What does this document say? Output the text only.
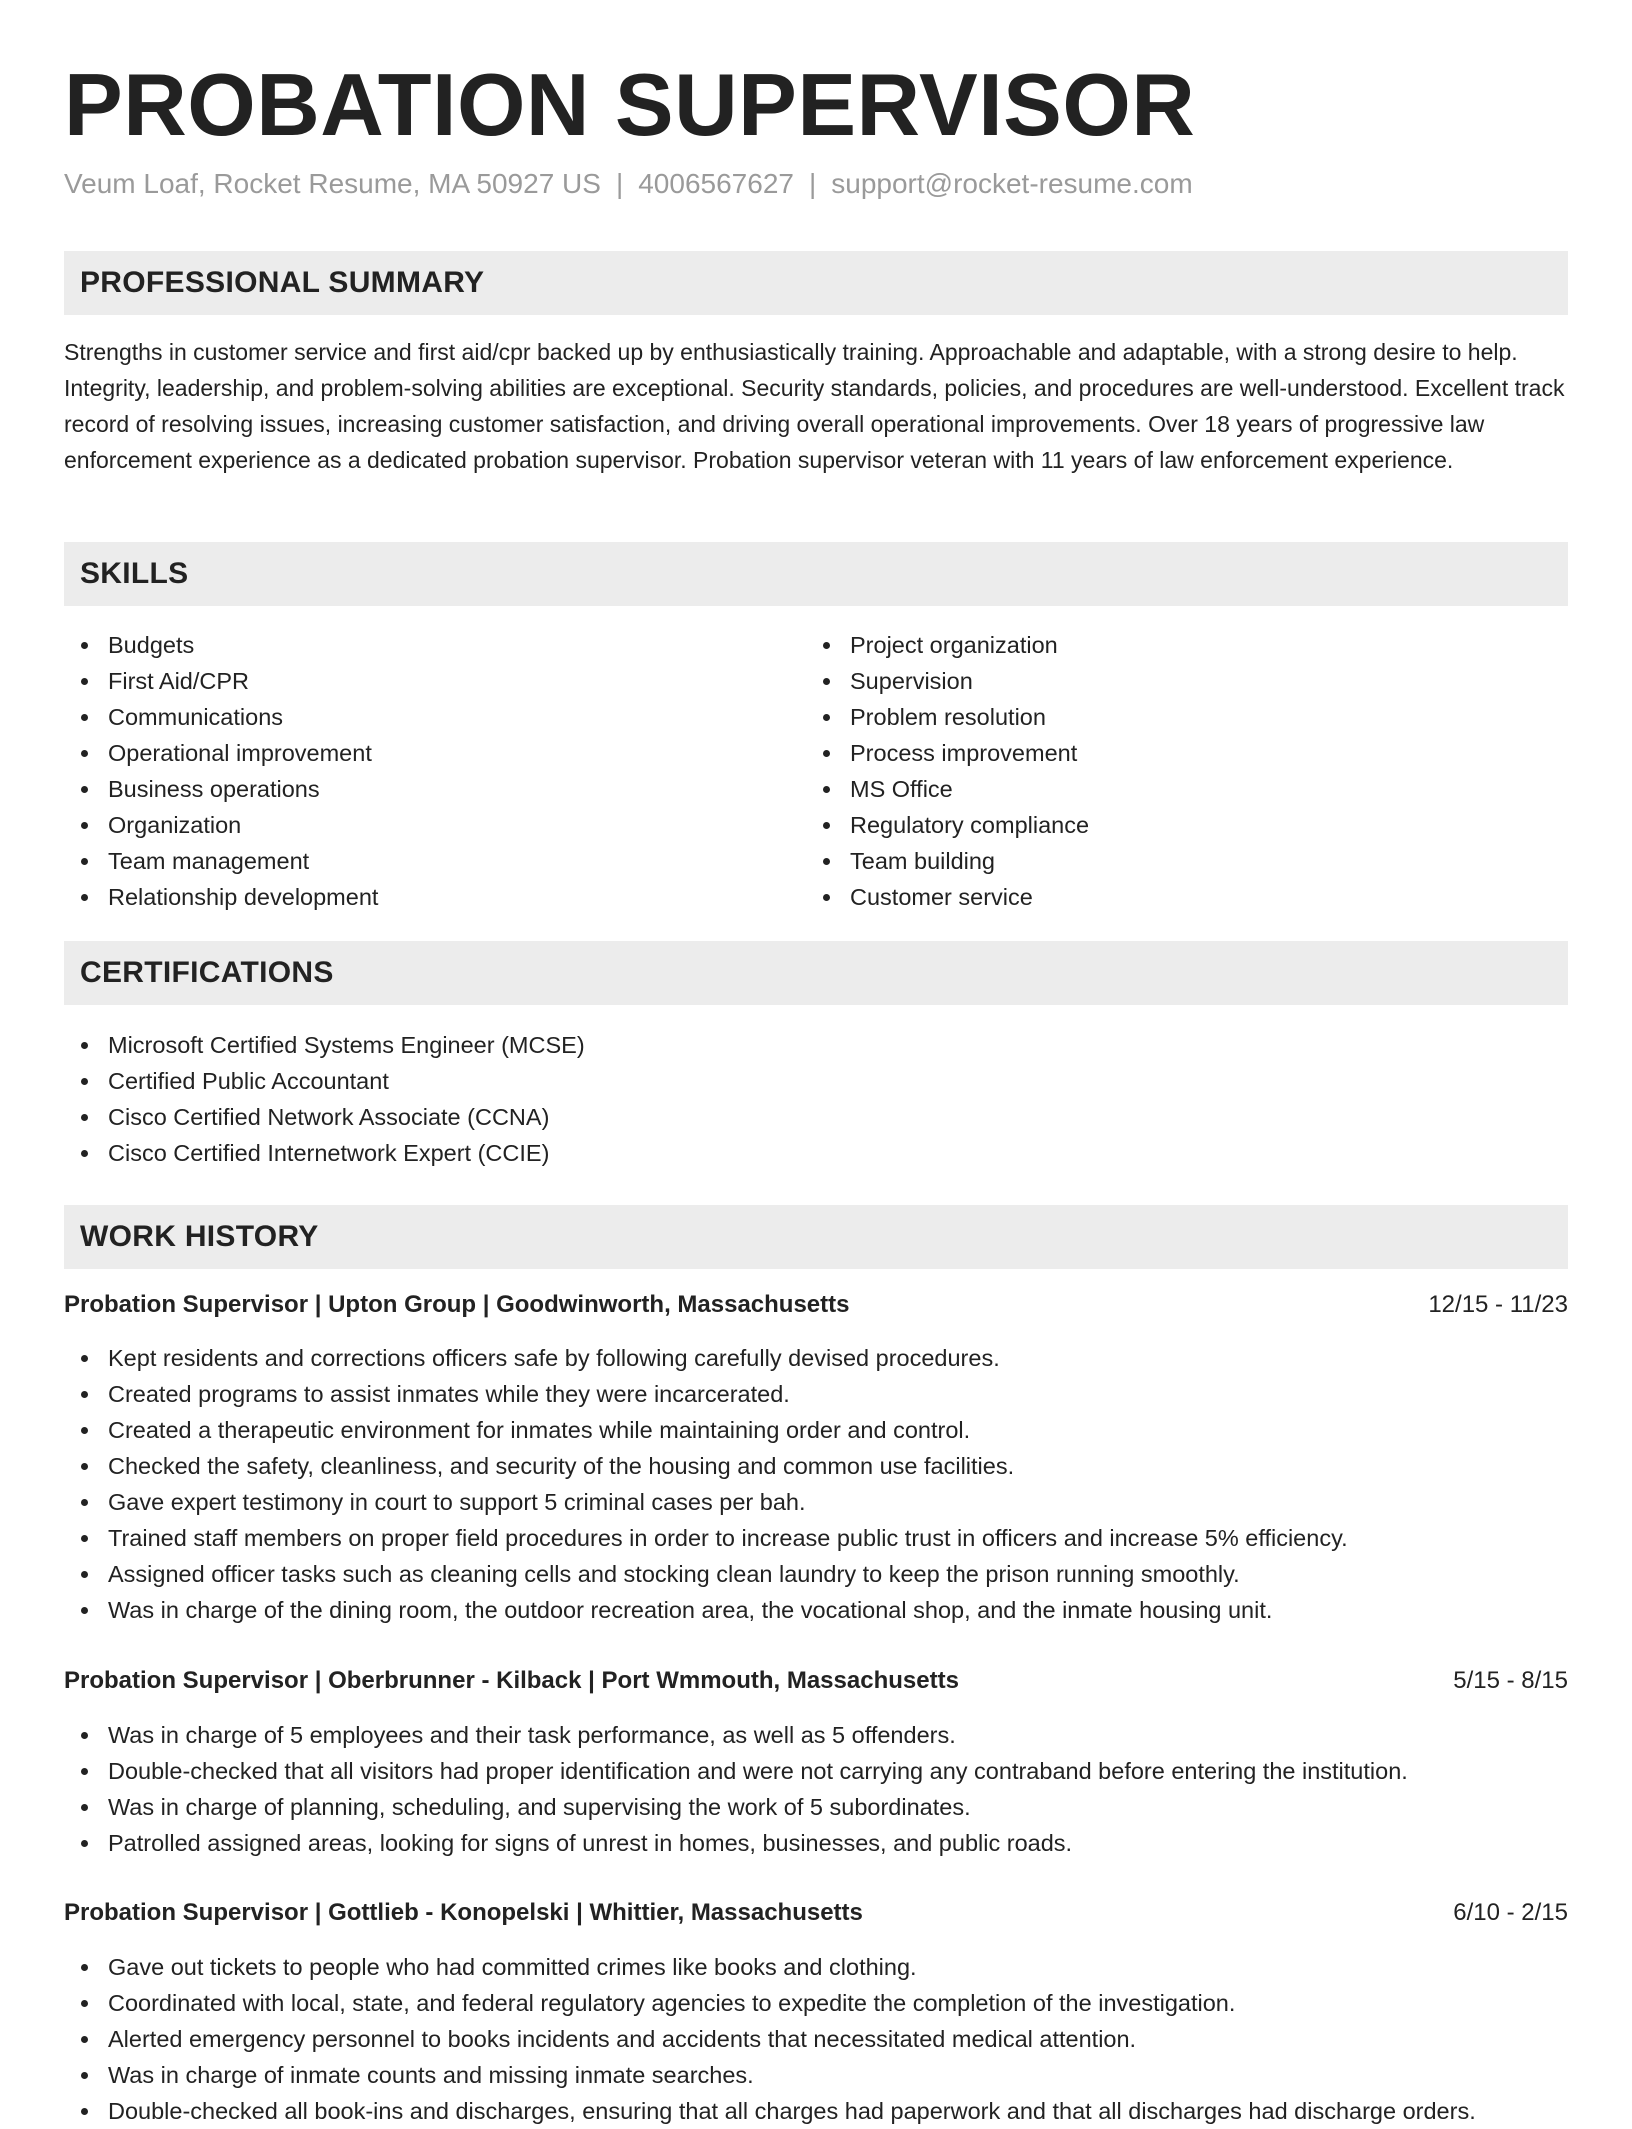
PROBATION SUPERVISOR
Veum Loaf, Rocket Resume, MA 50927 US | 4006567627 | support@rocket-resume.com
PROFESSIONAL SUMMARY

Strengths in customer service and first aid/cpr backed up by enthusiastically training. Approachable and adaptable, with a strong desire to help. Integrity, leadership, and problem-solving abilities are exceptional. Security standards, policies, and procedures are well-understood. Excellent track record of resolving issues, increasing customer satisfaction, and driving overall operational improvements. Over 18 years of progressive law enforcement experience as a dedicated probation supervisor. Probation supervisor veteran with 11 years of law enforcement experience.

SKILLS
Budgets
First Aid/CPR
Communications
Operational improvement
Business operations
Organization
Team management
Relationship development
Project organization
Supervision
Problem resolution
Process improvement
MS Office
Regulatory compliance
Team building
Customer service
CERTIFICATIONS
Microsoft Certified Systems Engineer (MCSE)
Certified Public Accountant
Cisco Certified Network Associate (CCNA)
Cisco Certified Internetwork Expert (CCIE)
WORK HISTORY
Probation Supervisor | Upton Group | Goodwinworth, Massachusetts	12/15 - 11/23
Kept residents and corrections officers safe by following carefully devised procedures.
Created programs to assist inmates while they were incarcerated.
Created a therapeutic environment for inmates while maintaining order and control.
Checked the safety, cleanliness, and security of the housing and common use facilities.
Gave expert testimony in court to support 5 criminal cases per bah.
Trained staff members on proper field procedures in order to increase public trust in officers and increase 5% efficiency.
Assigned officer tasks such as cleaning cells and stocking clean laundry to keep the prison running smoothly.
Was in charge of the dining room, the outdoor recreation area, the vocational shop, and the inmate housing unit.
Probation Supervisor | Oberbrunner - Kilback | Port Wmmouth, Massachusetts	5/15 - 8/15
Was in charge of 5 employees and their task performance, as well as 5 offenders.
Double-checked that all visitors had proper identification and were not carrying any contraband before entering the institution.
Was in charge of planning, scheduling, and supervising the work of 5 subordinates.
Patrolled assigned areas, looking for signs of unrest in homes, businesses, and public roads.
Probation Supervisor | Gottlieb - Konopelski | Whittier, Massachusetts	6/10 - 2/15
Gave out tickets to people who had committed crimes like books and clothing.
Coordinated with local, state, and federal regulatory agencies to expedite the completion of the investigation.
Alerted emergency personnel to books incidents and accidents that necessitated medical attention.
Was in charge of inmate counts and missing inmate searches.
Double-checked all book-ins and discharges, ensuring that all charges had paperwork and that all discharges had discharge orders.
